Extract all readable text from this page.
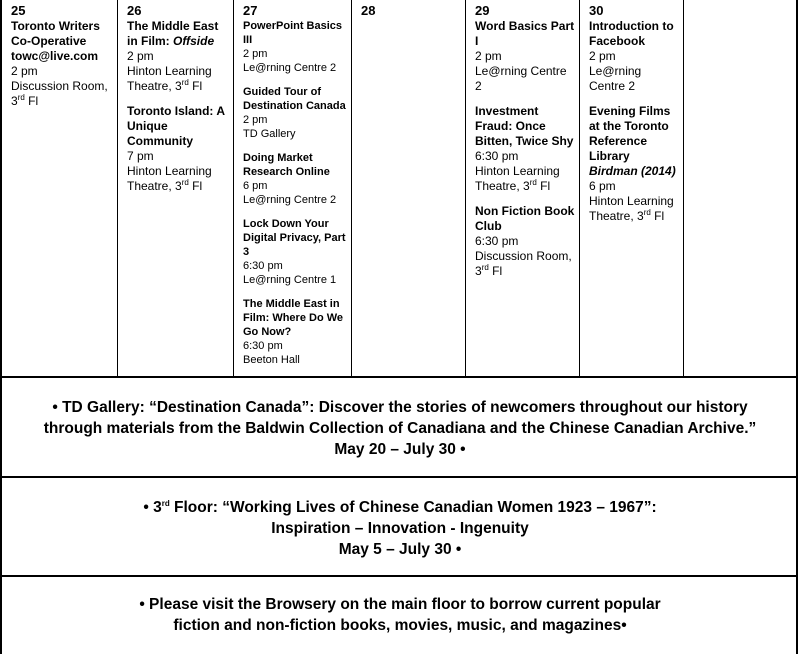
25
Toronto Writers Co-Operative
towc@live.com
2 pm
Discussion Room, 3rd Fl
26
The Middle East in Film: Offside
2 pm
Hinton Learning Theatre, 3rd Fl
Toronto Island: A Unique Community
7 pm
Hinton Learning Theatre, 3rd Fl
27
PowerPoint Basics III
2 pm
Le@rning Centre 2
Guided Tour of Destination Canada
2 pm
TD Gallery
Doing Market Research Online
6 pm
Le@rning Centre 2
Lock Down Your Digital Privacy, Part 3
6:30 pm
Le@rning Centre 1
The Middle East in Film: Where Do We Go Now?
6:30 pm
Beeton Hall
28	29
Word Basics Part I
2 pm
Le@rning Centre 2
Investment Fraud: Once Bitten, Twice Shy
6:30 pm
Hinton Learning Theatre, 3rd Fl
Non Fiction Book Club
6:30 pm
Discussion Room, 3rd Fl
30
Introduction to Facebook
2 pm
Le@rning Centre 2
Evening Films at the Toronto Reference Library
Birdman (2014)
6 pm
Hinton Learning Theatre, 3rd Fl
• TD Gallery: “Destination Canada”: Discover the stories of newcomers throughout our history
through materials from the Baldwin Collection of Canadiana and the Chinese Canadian Archive.”
May 20 – July 30 •
• 3rd Floor: “Working Lives of Chinese Canadian Women 1923 – 1967”:
Inspiration – Innovation - Ingenuity
May 5 – July 30 •
• Please visit the Browsery on the main floor to borrow current popular
fiction and non-fiction books, movies, music, and magazines•
